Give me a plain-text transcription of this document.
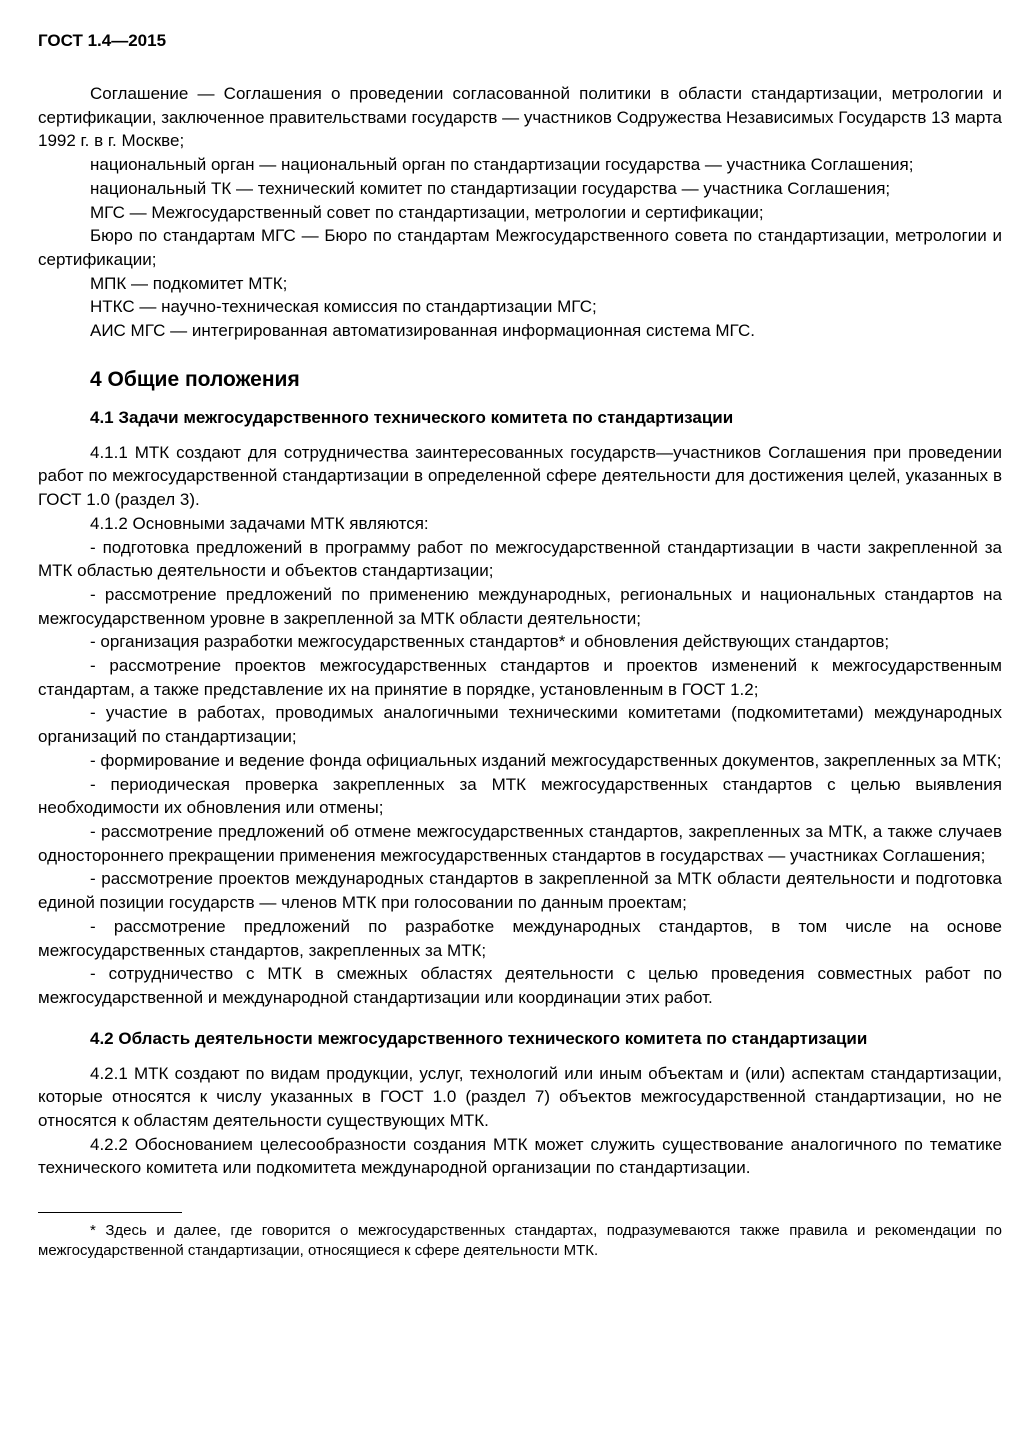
ГОСТ 1.4—2015

Соглашение — Соглашения о проведении согласованной политики в области стандартизации, метрологии и сертификации, заключенное правительствами государств — участников Содружества Независимых Государств 13 марта 1992 г. в г. Москве;

национальный орган — национальный орган по стандартизации государства — участника Соглашения;

национальный ТК — технический комитет по стандартизации государства — участника Соглашения;

МГС — Межгосударственный совет по стандартизации, метрологии и сертификации;

Бюро по стандартам МГС — Бюро по стандартам Межгосударственного совета по стандартизации, метрологии и сертификации;

МПК — подкомитет МТК;

НТКС — научно-техническая комиссия по стандартизации МГС;

АИС МГС — интегрированная автоматизированная информационная система МГС.

4 Общие положения
4.1 Задачи межгосударственного технического комитета по стандартизации

4.1.1 МТК создают для сотрудничества заинтересованных государств—участников Соглашения при проведении работ по межгосударственной стандартизации в определенной сфере деятельности для достижения целей, указанных в ГОСТ 1.0 (раздел 3).

4.1.2 Основными задачами МТК являются:

- подготовка предложений в программу работ по межгосударственной стандартизации в части закрепленной за МТК областью деятельности и объектов стандартизации;

- рассмотрение предложений по применению международных, региональных и национальных стандартов на межгосударственном уровне в закрепленной за МТК области деятельности;

- организация разработки межгосударственных стандартов* и обновления действующих стандартов;

- рассмотрение проектов межгосударственных стандартов и проектов изменений к межгосударственным стандартам, а также представление их на принятие в порядке, установленным в ГОСТ 1.2;

- участие в работах, проводимых аналогичными техническими комитетами (подкомитетами) международных организаций по стандартизации;

- формирование и ведение фонда официальных изданий межгосударственных документов, закрепленных за МТК;

- периодическая проверка закрепленных за МТК межгосударственных стандартов с целью выявления необходимости их обновления или отмены;

- рассмотрение предложений об отмене межгосударственных стандартов, закрепленных за МТК, а также случаев одностороннего прекращении применения межгосударственных стандартов в государствах — участниках Соглашения;

- рассмотрение проектов международных стандартов в закрепленной за МТК области деятельности и подготовка единой позиции государств — членов МТК при голосовании по данным проектам;

- рассмотрение предложений по разработке международных стандартов, в том числе на основе межгосударственных стандартов, закрепленных за МТК;

- сотрудничество с МТК в смежных областях деятельности с целью проведения совместных работ по межгосударственной и международной стандартизации или координации этих работ.

4.2 Область деятельности межгосударственного технического комитета по стандартизации

4.2.1 МТК создают по видам продукции, услуг, технологий или иным объектам и (или) аспектам стандартизации, которые относятся к числу указанных в ГОСТ 1.0 (раздел 7) объектов межгосударственной стандартизации, но не относятся к областям деятельности существующих МТК.

4.2.2 Обоснованием целесообразности создания МТК может служить существование аналогичного по тематике технического комитета или подкомитета международной организации по стандартизации.

* Здесь и далее, где говорится о межгосударственных стандартах, подразумеваются также правила и рекомендации по межгосударственной стандартизации, относящиеся к сфере деятельности МТК.
